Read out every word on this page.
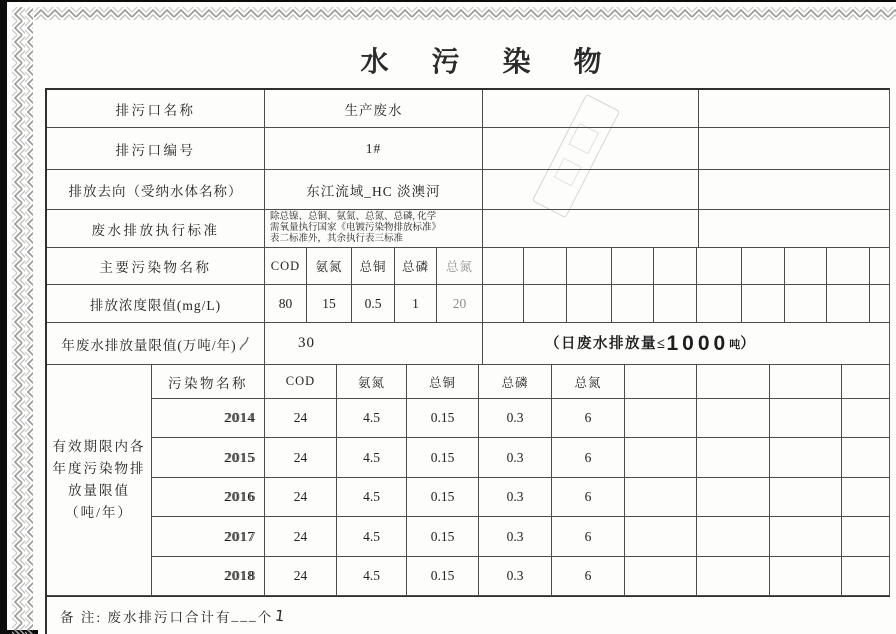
水 污 染 物
排污口名称	生产废水
排污口编号	1#
排放去向（受纳水体名称）	东江流域_HC 淡澳河
废水排放执行标准
除总镍、总铜、氨氮、总氮、总磷, 化学
需氧量执行国家《电镀污染物排放标准》
表二标准外，其余执行表三标准
主要污染物名称	COD	氨氮	总铜	总磷	总氮
排放浓度限值(mg/L)	80	15	0.5	1	20
年废水排放量限值(万吨/年)	30	（日废水排放量≤1000吨）
有效期限内各
年度污染物排
放量限值
（吨/年）
污染物名称	COD	氨氮	总铜	总磷	总氮
2014	24	4.5	0.15	0.3	6
2015	24	4.5	0.15	0.3	6
2016	24	4.5	0.15	0.3	6
2017	24	4.5	0.15	0.3	6
2018	24	4.5	0.15	0.3	6
备 注: 废水排污口合计有 ___ 个 1
